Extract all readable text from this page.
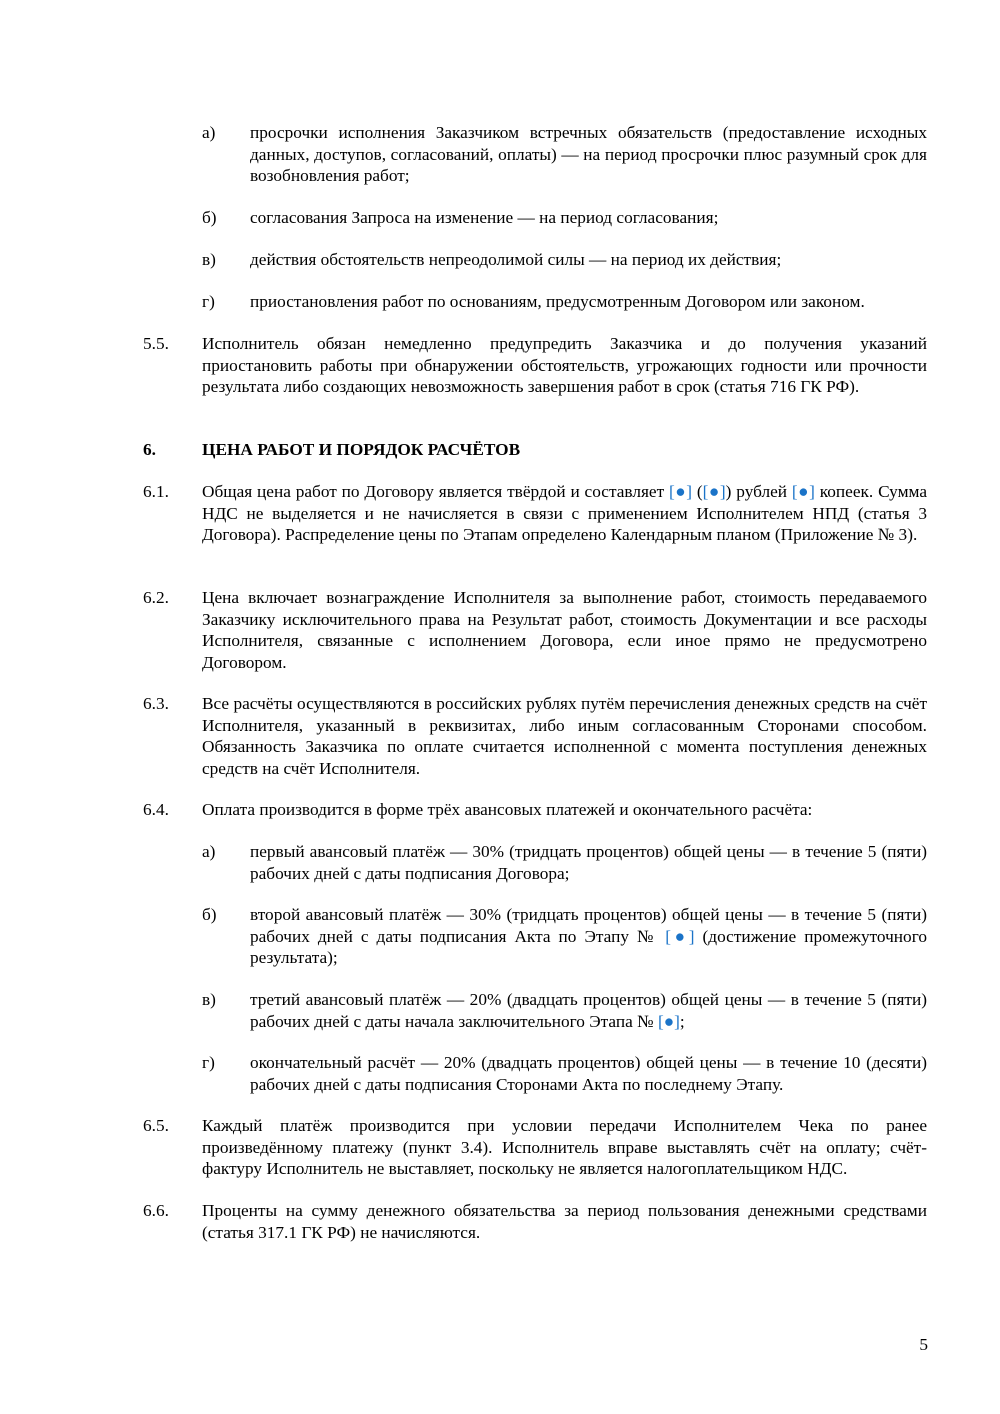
а) просрочки исполнения Заказчиком встречных обязательств (предоставление исходных данных, доступов, согласований, оплаты) — на период просрочки плюс разумный срок для возобновления работ;
б) согласования Запроса на изменение — на период согласования;
в) действия обстоятельств непреодолимой силы — на период их действия;
г) приостановления работ по основаниям, предусмотренным Договором или законом.
5.5. Исполнитель обязан немедленно предупредить Заказчика и до получения указаний приостановить работы при обнаружении обстоятельств, угрожающих годности или прочности результата либо создающих невозможность завершения работ в срок (статья 716 ГК РФ).
6.	ЦЕНА РАБОТ И ПОРЯДОК РАСЧЁТОВ
6.1. Общая цена работ по Договору является твёрдой и составляет [●] ([●]) рублей [●] копеек. Сумма НДС не выделяется и не начисляется в связи с применением Исполнителем НПД (статья 3 Договора). Распределение цены по Этапам определено Календарным планом (Приложение № 3).
6.2. Цена включает вознаграждение Исполнителя за выполнение работ, стоимость передаваемого Заказчику исключительного права на Результат работ, стоимость Документации и все расходы Исполнителя, связанные с исполнением Договора, если иное прямо не предусмотрено Договором.
6.3. Все расчёты осуществляются в российских рублях путём перечисления денежных средств на счёт Исполнителя, указанный в реквизитах, либо иным согласованным Сторонами способом. Обязанность Заказчика по оплате считается исполненной с момента поступления денежных средств на счёт Исполнителя.
6.4. Оплата производится в форме трёх авансовых платежей и окончательного расчёта:
а) первый авансовый платёж — 30% (тридцать процентов) общей цены — в течение 5 (пяти) рабочих дней с даты подписания Договора;
б) второй авансовый платёж — 30% (тридцать процентов) общей цены — в течение 5 (пяти) рабочих дней с даты подписания Акта по Этапу № [●] (достижение промежуточного результата);
в) третий авансовый платёж — 20% (двадцать процентов) общей цены — в течение 5 (пяти) рабочих дней с даты начала заключительного Этапа № [●];
г) окончательный расчёт — 20% (двадцать процентов) общей цены — в течение 10 (десяти) рабочих дней с даты подписания Сторонами Акта по последнему Этапу.
6.5. Каждый платёж производится при условии передачи Исполнителем Чека по ранее произведённому платежу (пункт 3.4). Исполнитель вправе выставлять счёт на оплату; счёт-фактуру Исполнитель не выставляет, поскольку не является налогоплательщиком НДС.
6.6. Проценты на сумму денежного обязательства за период пользования денежными средствами (статья 317.1 ГК РФ) не начисляются.
5
